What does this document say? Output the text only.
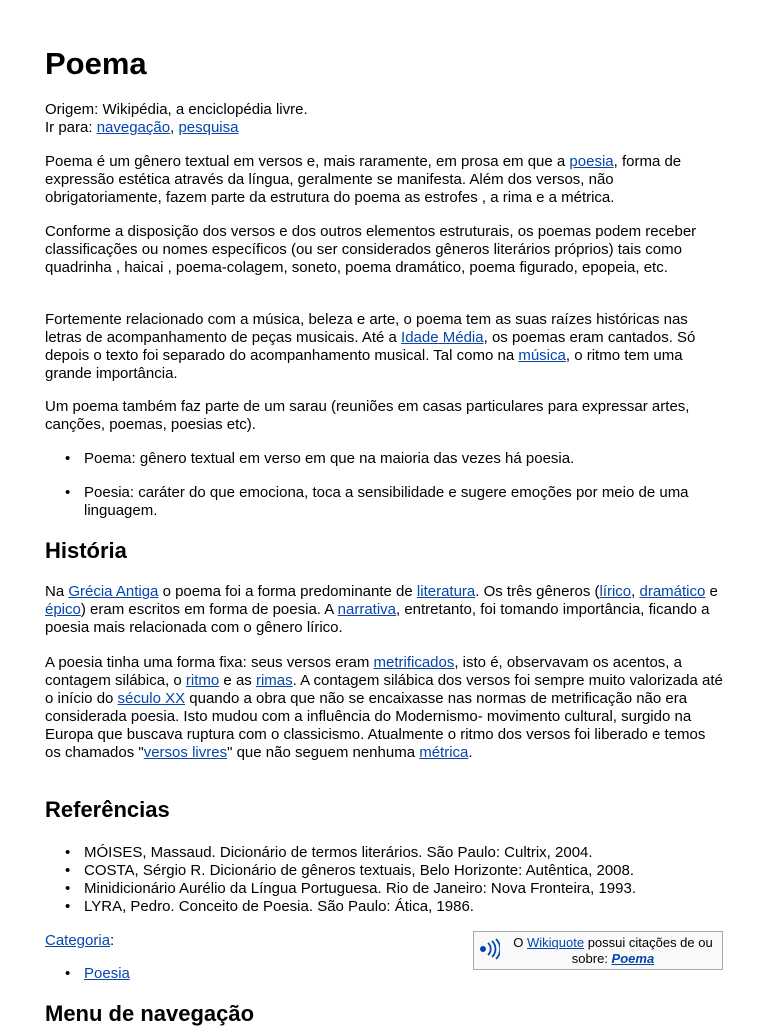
Poema

Origem: Wikipédia, a enciclopédia livre.

Ir para: navegação, pesquisa

Poema é um gênero textual em versos e, mais raramente, em prosa em que a poesia, forma de expressão estética através da língua, geralmente se manifesta. Além dos versos, não obrigatoriamente, fazem parte da estrutura do poema as estrofes , a rima e a métrica.

Conforme a disposição dos versos e dos outros elementos estruturais, os poemas podem receber classificações ou nomes específicos (ou ser considerados gêneros literários próprios) tais como quadrinha , haicai , poema-colagem, soneto, poema dramático, poema figurado, epopeia, etc.

Fortemente relacionado com a música, beleza e arte, o poema tem as suas raízes históricas nas letras de acompanhamento de peças musicais. Até a Idade Média, os poemas eram cantados. Só depois o texto foi separado do acompanhamento musical. Tal como na música, o ritmo tem uma grande importância.

Um poema também faz parte de um sarau (reuniões em casas particulares para expressar artes, canções, poemas, poesias etc).

• Poema: gênero textual em verso em que na maioria das vezes há poesia.
• Poesia: caráter do que emociona, toca a sensibilidade e sugere emoções por meio de uma linguagem.
História

Na Grécia Antiga o poema foi a forma predominante de literatura. Os três gêneros (lírico, dramático e épico) eram escritos em forma de poesia. A narrativa, entretanto, foi tomando importância, ficando a poesia mais relacionada com o gênero lírico.

A poesia tinha uma forma fixa: seus versos eram metrificados, isto é, observavam os acentos, a contagem silábica, o ritmo e as rimas. A contagem silábica dos versos foi sempre muito valorizada até o início do século XX quando a obra que não se encaixasse nas normas de metrificação não era considerada poesia. Isto mudou com a influência do Modernismo- movimento cultural, surgido na Europa que buscava ruptura com o classicismo. Atualmente o ritmo dos versos foi liberado e temos os chamados "versos livres" que não seguem nenhuma métrica.

Referências
• MÓISES, Massaud. Dicionário de termos literários. São Paulo: Cultrix, 2004.
• COSTA, Sérgio R. Dicionário de gêneros textuais, Belo Horizonte: Autêntica, 2008.
• Minidicionário Aurélio da Língua Portuguesa. Rio de Janeiro: Nova Fronteira, 1993.
• LYRA, Pedro. Conceito de Poesia. São Paulo: Ática, 1986.

Categoria:

• Poesia
O Wikiquote possui citações de ou sobre: Poema
Menu de navegação
